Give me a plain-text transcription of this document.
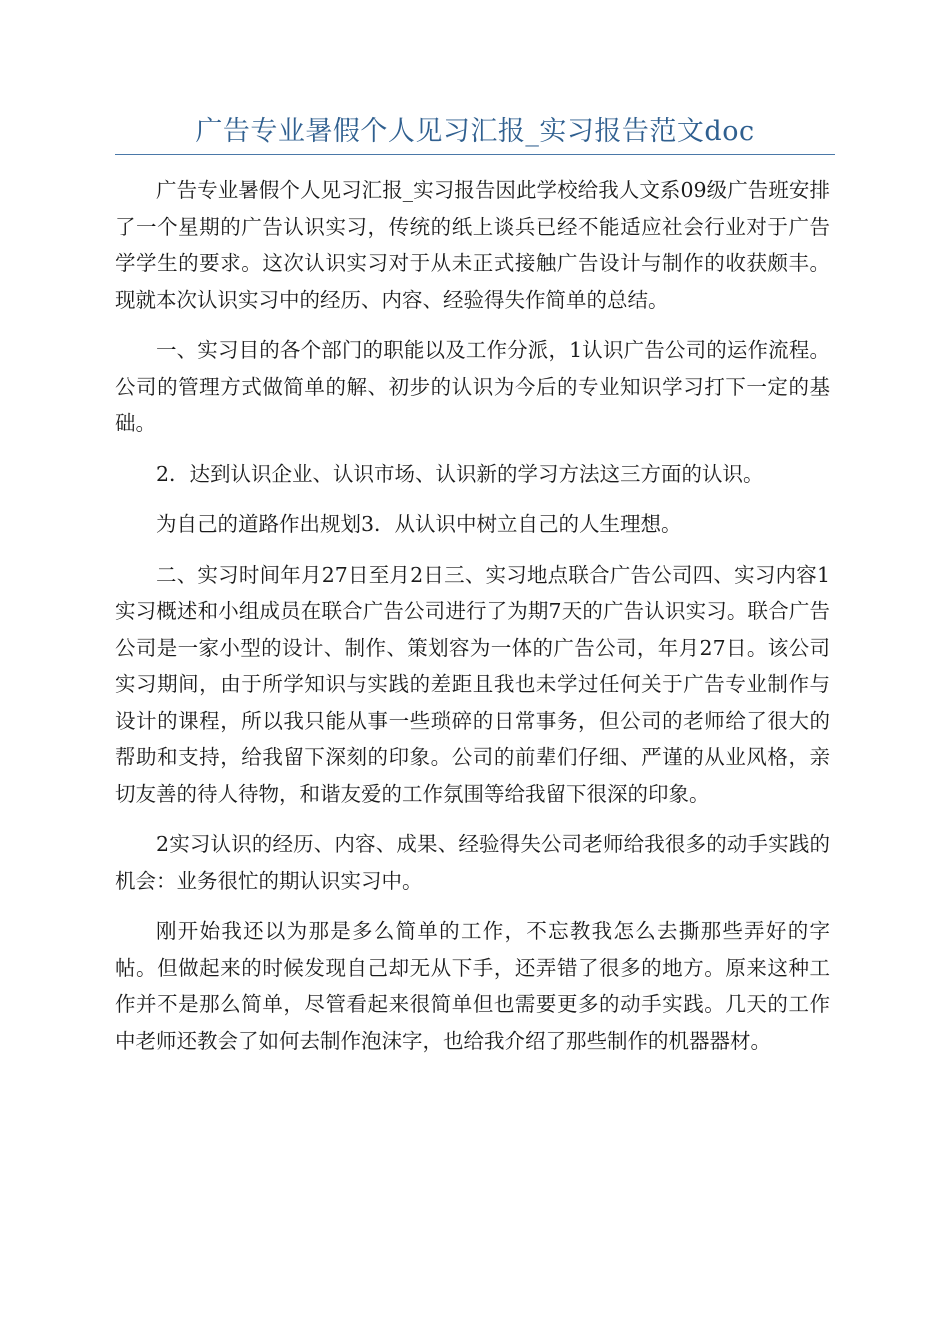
广告专业暑假个人见习汇报_实习报告范文doc

广告专业暑假个人见习汇报_实习报告因此学校给我人文系09级广告班安排了一个星期的广告认识实习，传统的纸上谈兵已经不能适应社会行业对于广告学学生的要求。这次认识实习对于从未正式接触广告设计与制作的收获颇丰。现就本次认识实习中的经历、内容、经验得失作简单的总结。

一、实习目的各个部门的职能以及工作分派，1认识广告公司的运作流程。公司的管理方式做简单的解、初步的认识为今后的专业知识学习打下一定的基础。

2．达到认识企业、认识市场、认识新的学习方法这三方面的认识。

为自己的道路作出规划3．从认识中树立自己的人生理想。

二、实习时间年月27日至月2日三、实习地点联合广告公司四、实习内容1实习概述和小组成员在联合广告公司进行了为期7天的广告认识实习。联合广告公司是一家小型的设计、制作、策划容为一体的广告公司，年月27日。该公司实习期间，由于所学知识与实践的差距且我也未学过任何关于广告专业制作与设计的课程，所以我只能从事一些琐碎的日常事务，但公司的老师给了很大的帮助和支持，给我留下深刻的印象。公司的前辈们仔细、严谨的从业风格，亲切友善的待人待物，和谐友爱的工作氛围等给我留下很深的印象。

2实习认识的经历、内容、成果、经验得失公司老师给我很多的动手实践的机会：业务很忙的期认识实习中。

刚开始我还以为那是多么简单的工作，不忘教我怎么去撕那些弄好的字帖。但做起来的时候发现自己却无从下手，还弄错了很多的地方。原来这种工作并不是那么简单，尽管看起来很简单但也需要更多的动手实践。几天的工作中老师还教会了如何去制作泡沫字，也给我介绍了那些制作的机器器材。
